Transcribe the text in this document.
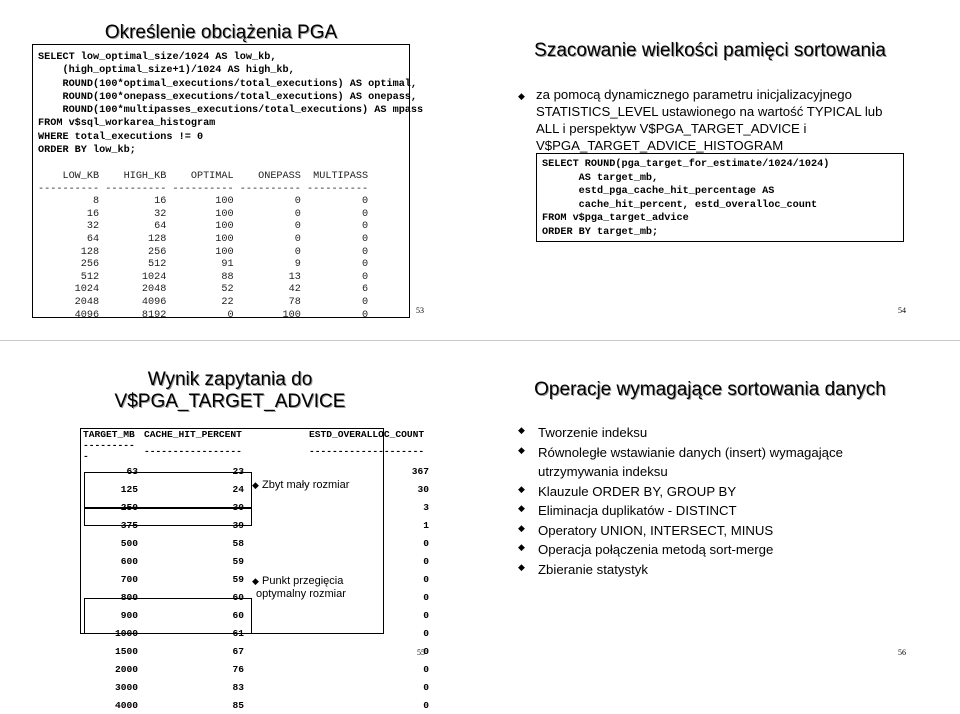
Określenie obciążenia PGA
SELECT low_optimal_size/1024 AS low_kb,
(high_optimal_size+1)/1024 AS high_kb,
ROUND(100*optimal_executions/total_executions) AS optimal,
ROUND(100*onepass_executions/total_executions) AS onepass,
ROUND(100*multipasses_executions/total_executions) AS mpass
FROM v$sql_workarea_histogram
WHERE total_executions != 0
ORDER BY low_kb;
LOW_KB    HIGH_KB    OPTIMAL    ONEPASS  MULTIPASS
---------- ---------- ---------- ---------- ----------
8         16        100          0          0
16         32        100          0          0
32         64        100          0          0
64        128        100          0          0
128        256        100          0          0
256        512         91          9          0
512       1024         88         13          0
1024       2048         52         42          6
2048       4096         22         78          0
4096       8192          0        100          0	53
Szacowanie wielkości pamięci sortowania
◆ za pomocą dynamicznego parametru inicjalizacyjnego STATISTICS_LEVEL ustawionego na wartość TYPICAL lub ALL i perspektyw V$PGA_TARGET_ADVICE i V$PGA_TARGET_ADVICE_HISTOGRAM
SELECT ROUND(pga_target_for_estimate/1024/1024)
AS target_mb,
estd_pga_cache_hit_percentage AS
cache_hit_percent, estd_overalloc_count
FROM v$pga_target_advice
ORDER BY target_mb;
54
Wynik zapytania do
V$PGA_TARGET_ADVICE
TARGET_MB	CACHE_HIT_PERCENT	ESTD_OVERALLOC_COUNT
----------	-----------------	--------------------
63	23	367
125	24	30
250	30	3
375	39	1
500	58	0
600	59	0
700	59	0
800	60	0
900	60	0
1000	61	0
1500	67	0
2000	76	0
3000	83	0
4000	85	0
◆ Zbyt mały rozmiar
◆ Punkt przegięcia
optymalny rozmiar
55
Operacje wymagające sortowania danych
◆ Tworzenie indeksu
◆ Równoległe wstawianie danych (insert) wymagające utrzymywania indeksu
◆ Klauzule ORDER BY, GROUP BY
◆ Eliminacja duplikatów - DISTINCT
◆ Operatory UNION, INTERSECT, MINUS
◆ Operacja połączenia metodą sort-merge
◆ Zbieranie statystyk
56
